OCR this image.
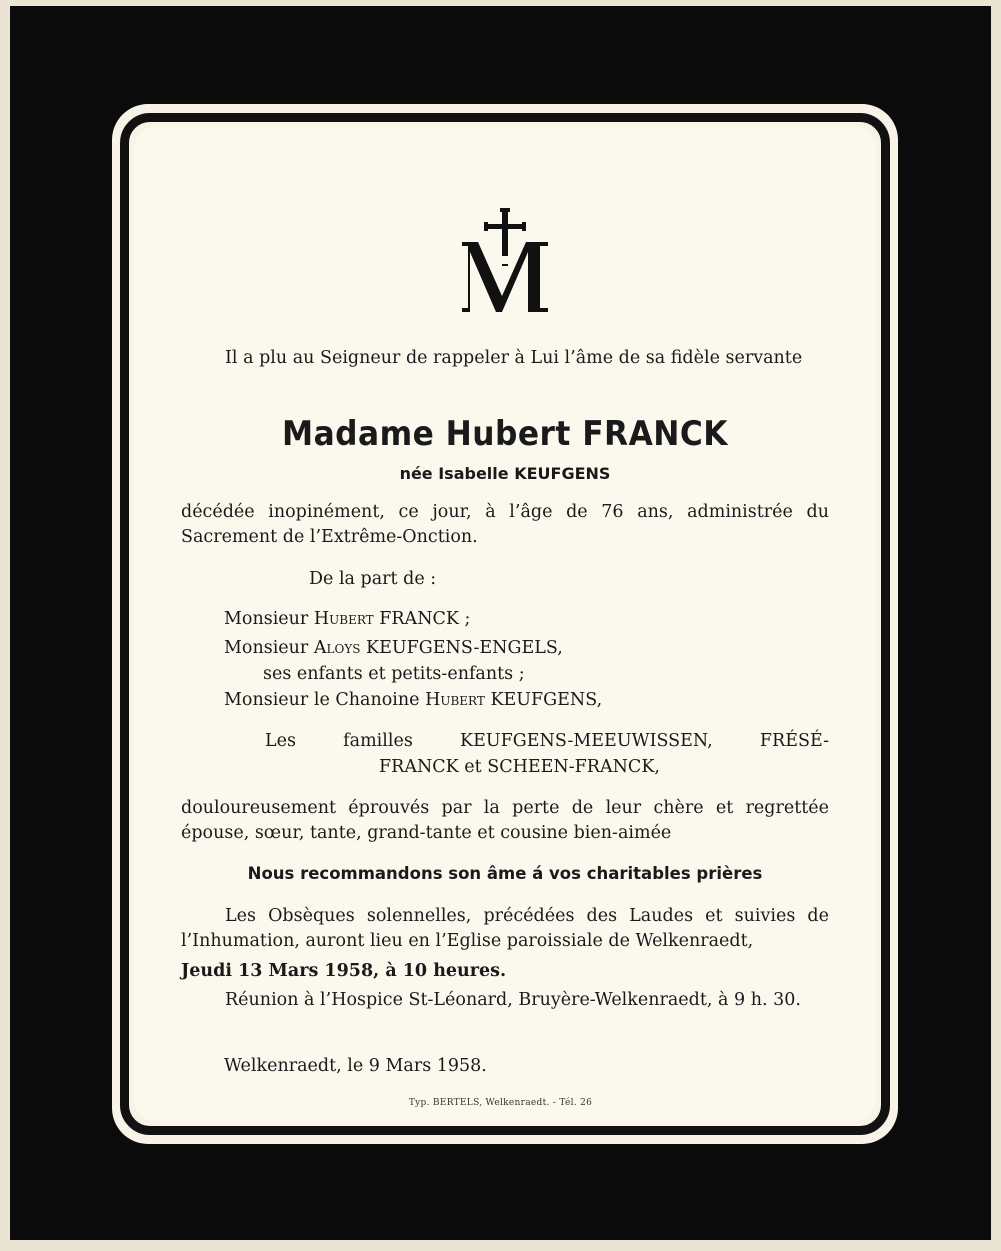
Il a plu au Seigneur de rappeler à Lui l’âme de sa fidèle servante

Madame Hubert FRANCK

née Isabelle KEUFGENS

décédée inopinément, ce jour, à l’âge de 76 ans, administrée du Sacrement de l’Extrême-Onction.

De la part de :

Monsieur Hubert FRANCK ;

Monsieur Aloys KEUFGENS-ENGELS,

ses enfants et petits-enfants ;

Monsieur le Chanoine Hubert KEUFGENS,

Les familles KEUFGENS-MEEUWISSEN, FRÉSÉ-

FRANCK et SCHEEN-FRANCK,

douloureusement éprouvés par la perte de leur chère et regrettée épouse, sœur, tante, grand-tante et cousine bien-aimée

Nous recommandons son âme á vos charitables prières

Les Obsèques solennelles, précédées des Laudes et suivies de l’Inhumation, auront lieu en l’Eglise paroissiale de Welkenraedt,

Jeudi 13 Mars 1958, à 10 heures.

Réunion à l’Hospice St-Léonard, Bruyère-Welkenraedt, à 9 h. 30.

Welkenraedt, le 9 Mars 1958.

Typ. BERTELS, Welkenraedt. - Tél. 26
